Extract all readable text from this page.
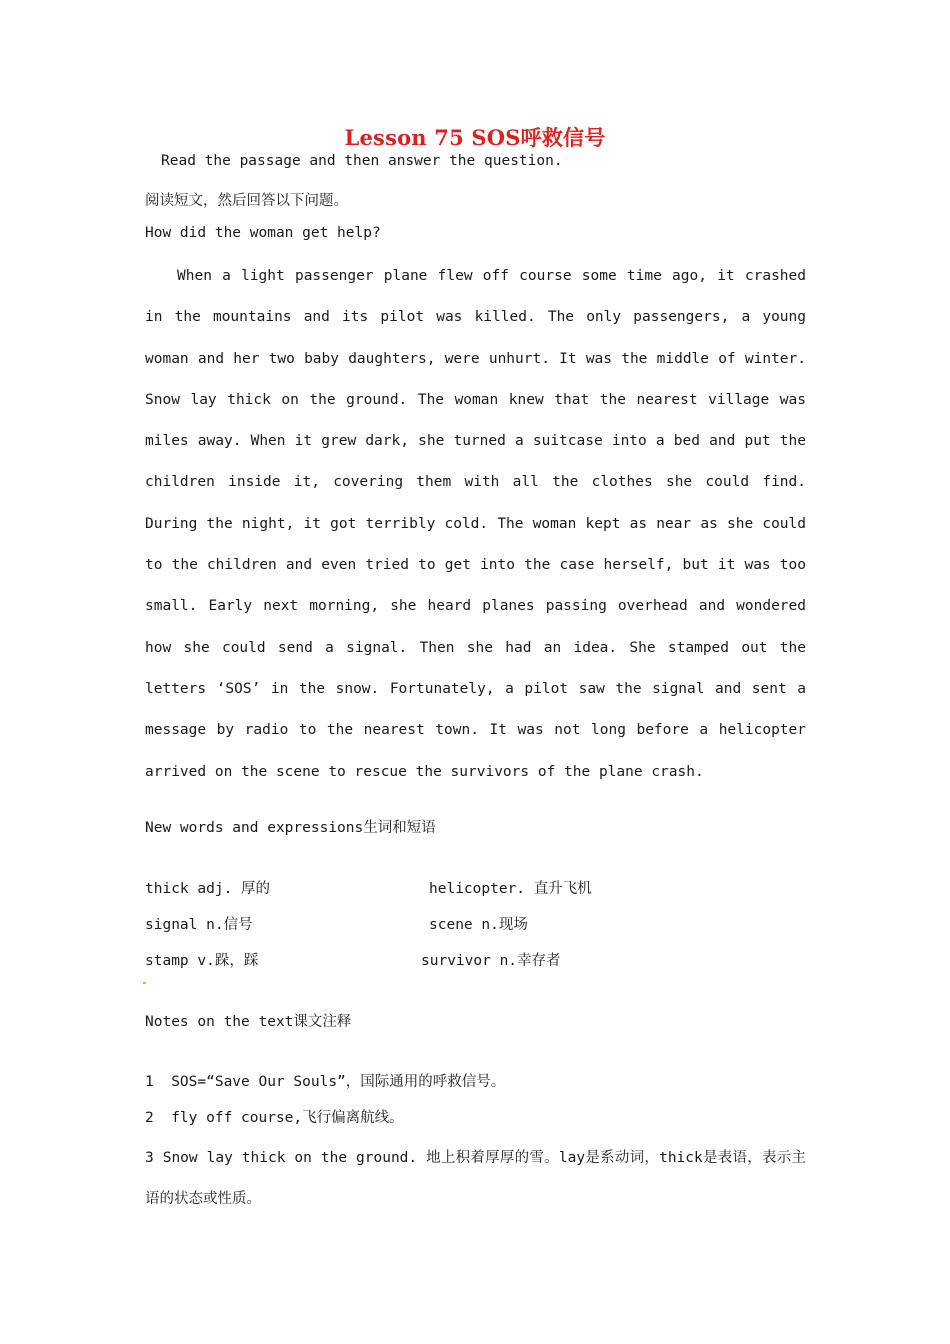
Lesson 75 SOS呼救信号
Read the passage and then answer the question.
阅读短文，然后回答以下问题。
How did the woman get help?

When a light passenger plane flew off course some time ago, it crashed in the mountains and its pilot was killed. The only passengers, a young woman and her two baby daughters, were unhurt. It was the middle of winter. Snow lay thick on the ground. The woman knew that the nearest village was miles away. When it grew dark, she turned a suitcase into a bed and put the children inside it, covering them with all the clothes she could find. During the night, it got terribly cold. The woman kept as near as she could to the children and even tried to get into the case herself, but it was too small. Early next morning, she heard planes passing overhead and wondered how she could send a signal. Then she had an idea. She stamped out the letters ‘SOS’ in the snow. Fortunately, a pilot saw the signal and sent a message by radio to the nearest town. It was not long before a helicopter arrived on the scene to rescue the survivors of the plane crash.

New words and expressions生词和短语
thick adj. 厚的	helicopter. 直升飞机
signal n.信号	scene n.现场
stamp v.跺，踩	survivor n.幸存者
Notes on the text课文注释
1  SOS=“Save Our Souls”，国际通用的呼救信号。
2  fly off course,飞行偏离航线。

3 Snow lay thick on the ground. 地上积着厚厚的雪。lay是系动词，thick是表语，表示主语的状态或性质。
